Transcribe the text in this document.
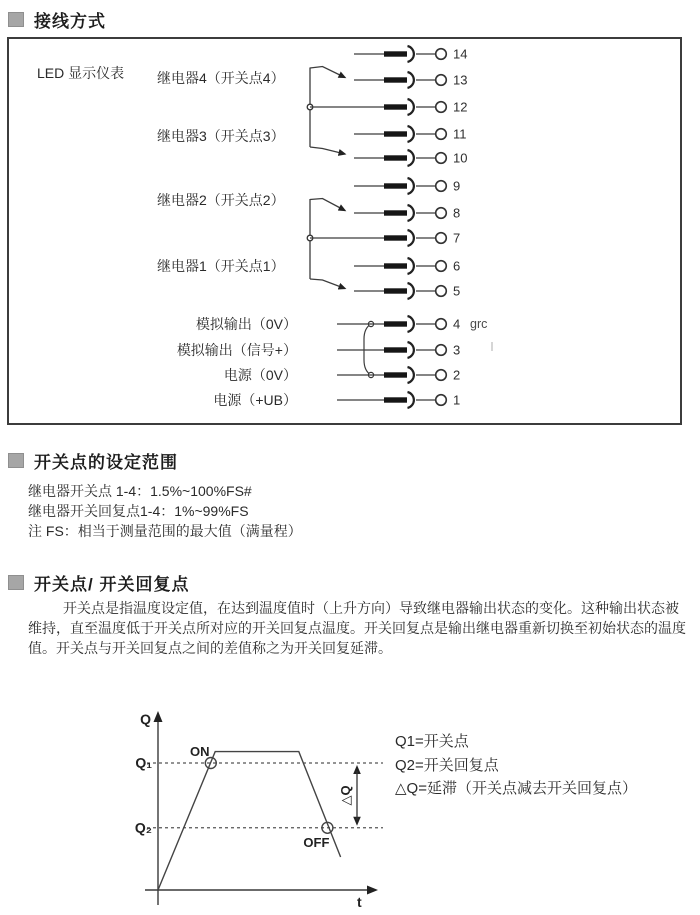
接线方式
LED 显示仪表 继电器4（开关点4）
继电器3（开关点3）
继电器2（开关点2）
继电器1（开关点1）
模拟输出（0V）
模拟输出（信号+）
电源（0V）
电源（+UB）
grc
14
13
12
11
10
9
8
7
6
5
4
3
2
1
开关点的设定范围
继电器开关点 1-4：1.5%~100%FS#
继电器开关回复点1-4：1%~99%FS
注 FS：相当于测量范围的最大值（满量程）
开关点/ 开关回复点
开关点是指温度设定值，在达到温度值时（上升方向）导致继电器输出状态的变化。这种输出状态被
维持，直至温度低于开关点所对应的开关回复点温度。开关回复点是输出继电器重新切换至初始状态的温度
值。开关点与开关回复点之间的差值称之为开关回复延滞。
Q
t
Q₁
Q₂
ON
OFF
△Q
Q1=开关点
Q2=开关回复点
△Q=延滞（开关点减去开关回复点）
